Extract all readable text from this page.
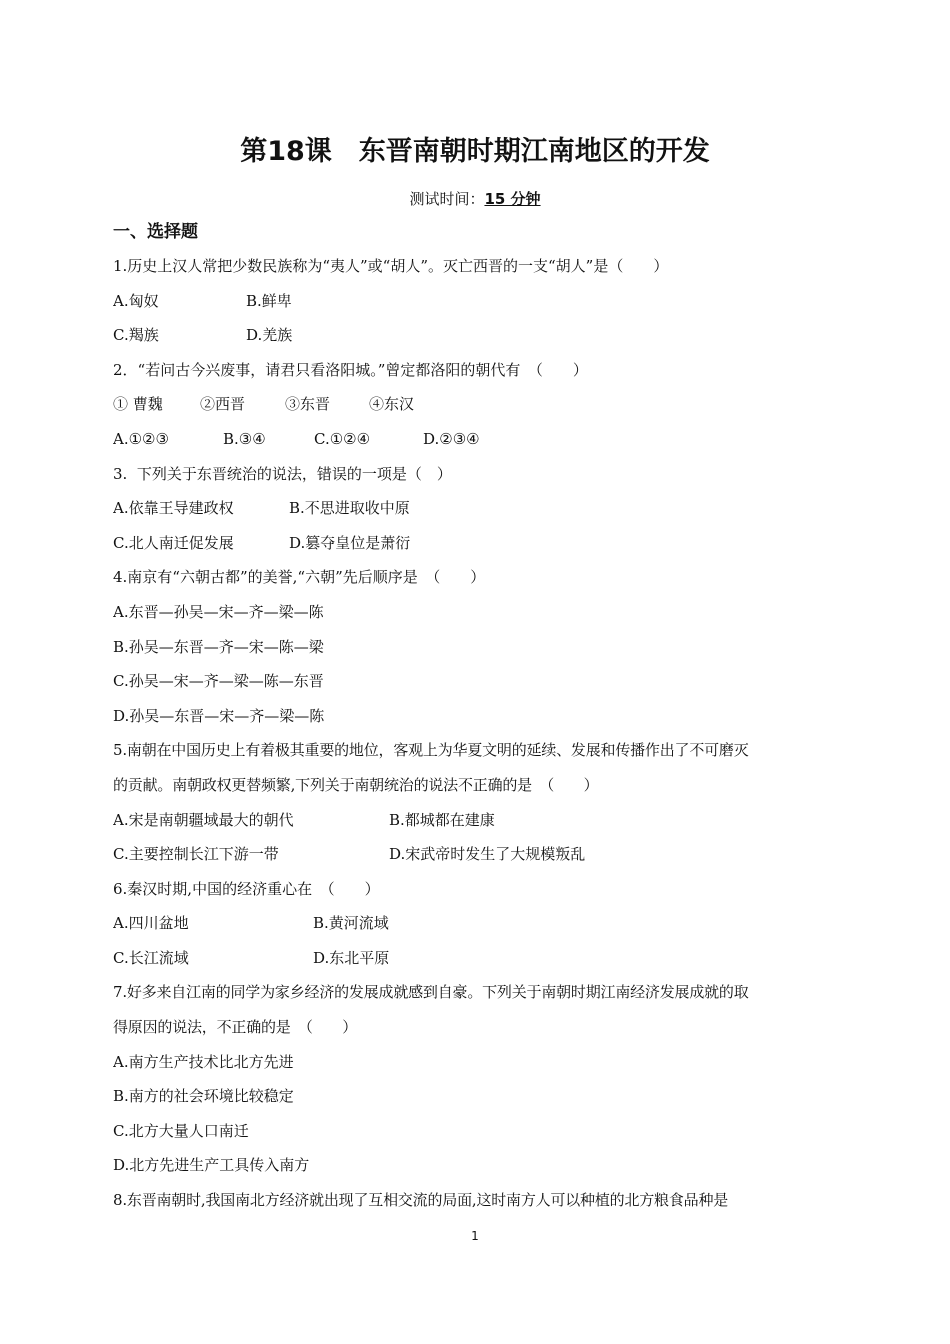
第18课　东晋南朝时期江南地区的开发
测试时间：15 分钟
一、选择题
1.历史上汉人常把少数民族称为“夷人”或“胡人”。灭亡西晋的一支“胡人”是（　　）
A.匈奴	B.鲜卑
C.羯族	D.羌族
2．“若问古今兴废事，请君只看洛阳城。”曾定都洛阳的朝代有　（　　）
① 曹魏 ②西晋	③东晋	④东汉
A.①②③	B.③④	C.①②④	D.②③④
3.  下列关于东晋统治的说法，错误的一项是（　）
A.依靠王导建政权	B.不思进取收中原
C.北人南迁促发展	D.篡夺皇位是萧衍
4.南京有“六朝古都”的美誉,“六朝”先后顺序是　（　　）
A.东晋—孙吴—宋—齐—梁—陈
B.孙吴—东晋—齐—宋—陈—梁
C.孙吴—宋—齐—梁—陈—东晋
D.孙吴—东晋—宋—齐—梁—陈
5.南朝在中国历史上有着极其重要的地位，客观上为华夏文明的延续、发展和传播作出了不可磨灭
的贡献。南朝政权更替频繁,下列关于南朝统治的说法不正确的是　（　　）
A.宋是南朝疆域最大的朝代	B.都城都在建康
C.主要控制长江下游一带	D.宋武帝时发生了大规模叛乱
6.秦汉时期,中国的经济重心在　（　　）
A.四川盆地	B.黄河流域
C.长江流域	D.东北平原
7.好多来自江南的同学为家乡经济的发展成就感到自豪。下列关于南朝时期江南经济发展成就的取
得原因的说法，不正确的是　（　　）
A.南方生产技术比北方先进
B.南方的社会环境比较稳定
C.北方大量人口南迁
D.北方先进生产工具传入南方
8.东晋南朝时,我国南北方经济就出现了互相交流的局面,这时南方人可以种植的北方粮食品种是
1
